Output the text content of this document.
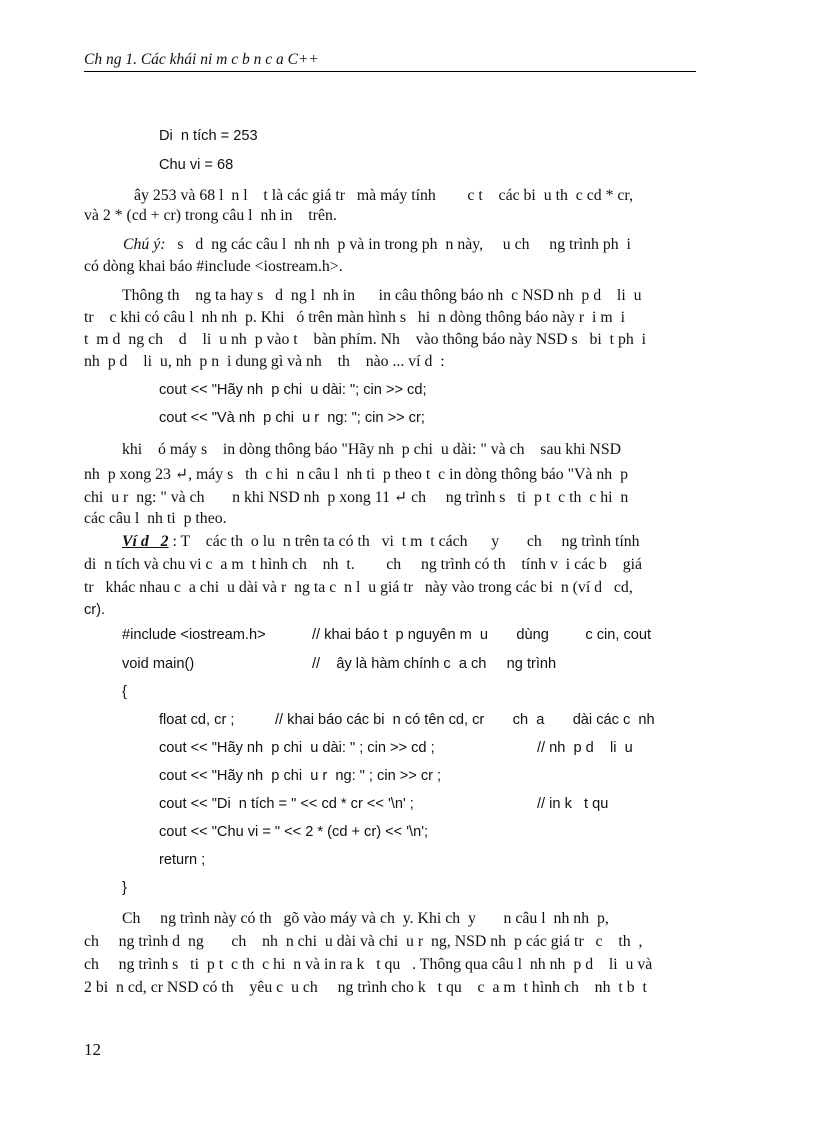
Ch ng 1. Các khái ni m c b n c a C++
Di  n tích = 253
Chu vi = 68
ây 253 và 68 l  n l    t là các giá tr   mà máy tính        c t    các bi  u th  c cd * cr,
và 2 * (cd + cr) trong câu l  nh in    trên.
Chú ý: s   d  ng các câu l  nh nh  p và in trong ph  n này,     u ch     ng trình ph  i
có dòng khai báo #include <iostream.h>.
Thông th    ng ta hay s   d  ng l  nh in      in câu thông báo nh  c NSD nh  p d    li  u
tr    c khi có câu l  nh nh  p. Khi   ó trên màn hình s   hi  n dòng thông báo này r  i m  i
t  m d  ng ch    d    li  u nh  p vào t    bàn phím. Nh    vào thông báo này NSD s   bi  t ph  i
nh  p d    li  u, nh  p n  i dung gì và nh    th    nào ... ví d  :
cout << "Hãy nh  p chi  u dài: "; cin >> cd;
cout << "Và nh  p chi  u r  ng: "; cin >> cr;
khi    ó máy s    in dòng thông báo "Hãy nh  p chi  u dài: " và ch    sau khi NSD
nh  p xong 23 ↵, máy s   th  c hi  n câu l  nh ti  p theo t  c in dòng thông báo "Và nh  p
chi  u r  ng: " và ch       n khi NSD nh  p xong 11 ↵ ch     ng trình s   ti  p t  c th  c hi  n
các câu l  nh ti  p theo.
Ví d   2 : T    các th  o lu  n trên ta có th   vi  t m  t cách      y       ch     ng trình tính
di  n tích và chu vi c  a m  t hình ch    nh  t.        ch     ng trình có th    tính v  i các b    giá
tr   khác nhau c  a chi  u dài và r  ng ta c  n l  u giá tr   này vào trong các bi  n (ví d   cd,
cr).
#include <iostream.h>	// khai báo t  p nguyên m  u       dùng         c cin, cout
void main()	//    ây là hàm chính c  a ch     ng trình
{
float cd, cr ;	// khai báo các bi  n có tên cd, cr       ch  a       dài các c  nh
cout << "Hãy nh  p chi  u dài: " ; cin >> cd ;	// nh  p d    li  u
cout << "Hãy nh  p chi  u r  ng: " ; cin >> cr ;
cout << "Di  n tích = " << cd * cr << '\n' ;	// in k   t qu
cout << "Chu vi = " << 2 * (cd + cr) << '\n';
return ;
}
Ch     ng trình này có th   gõ vào máy và ch  y. Khi ch  y       n câu l  nh nh  p,
ch     ng trình d  ng       ch    nh  n chi  u dài và chi  u r  ng, NSD nh  p các giá tr   c    th  ,
ch     ng trình s   ti  p t  c th  c hi  n và in ra k   t qu   . Thông qua câu l  nh nh  p d    li  u và
2 bi  n cd, cr NSD có th    yêu c  u ch     ng trình cho k   t qu    c  a m  t hình ch    nh  t b  t
12
